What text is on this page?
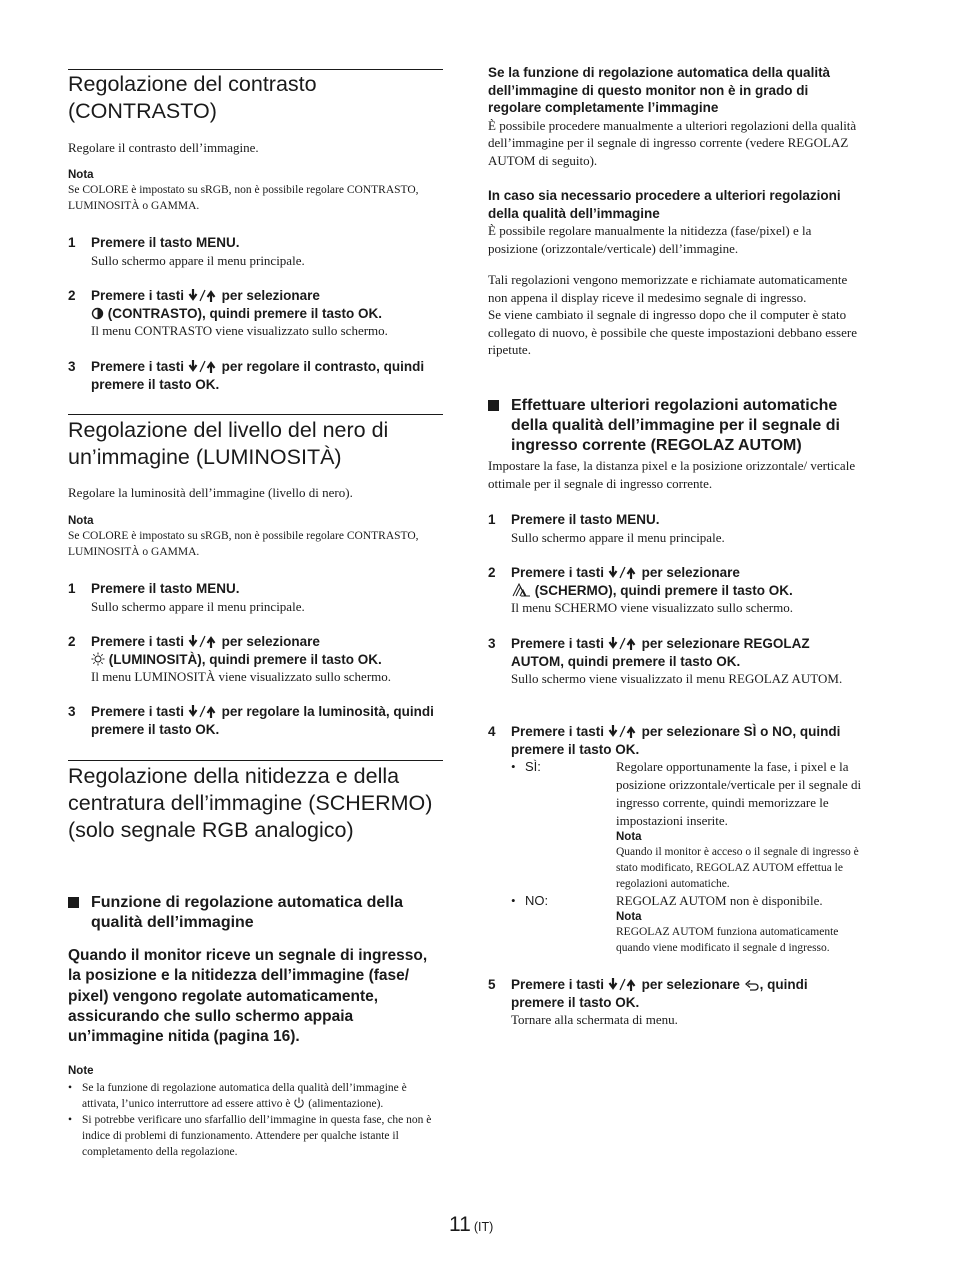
Regolazione del contrasto (CONTRASTO)
Regolare il contrasto dell’immagine.
Nota
Se COLORE è impostato su sRGB, non è possibile regolare CONTRASTO, LUMINOSITÀ o GAMMA.
1 Premere il tasto MENU.
Sullo schermo appare il menu principale.
2 Premere i tasti	per selezionare
(CONTRASTO), quindi premere il tasto OK.
Il menu CONTRASTO viene visualizzato sullo schermo.
3 Premere i tasti	per regolare il contrasto, quindi premere il tasto OK.
Regolazione del livello del nero di un’immagine (LUMINOSITÀ)
Regolare la luminosità dell’immagine (livello di nero).
Nota
Se COLORE è impostato su sRGB, non è possibile regolare CONTRASTO, LUMINOSITÀ o GAMMA.
1 Premere il tasto MENU.
Sullo schermo appare il menu principale.
2 Premere i tasti	per selezionare
(LUMINOSITÀ), quindi premere il tasto OK.
Il menu LUMINOSITÀ viene visualizzato sullo schermo.
3 Premere i tasti	per regolare la luminosità, quindi premere il tasto OK.
Regolazione della nitidezza e della centratura dell’immagine (SCHERMO)
(solo segnale RGB analogico)
Funzione di regolazione automatica della qualità dell’immagine
Quando il monitor riceve un segnale di ingresso, la posizione e la nitidezza dell’immagine (fase/ pixel) vengono regolate automaticamente, assicurando che sullo schermo appaia un’immagine nitida (pagina 16).
Note
• Se la funzione di regolazione automatica della qualità dell’immagine è attivata, l’unico interruttore ad essere attivo è (alimentazione).
• Si potrebbe verificare uno sfarfallio dell’immagine in questa fase, che non è indice di problemi di funzionamento. Attendere per qualche istante il completamento della regolazione.
Se la funzione di regolazione automatica della qualità dell’immagine di questo monitor non è in grado di regolare completamente l’immagine
È possibile procedere manualmente a ulteriori regolazioni della qualità dell’immagine per il segnale di ingresso corrente (vedere REGOLAZ AUTOM di seguito).
In caso sia necessario procedere a ulteriori regolazioni della qualità dell’immagine
È possibile regolare manualmente la nitidezza (fase/pixel) e la posizione (orizzontale/verticale) dell’immagine.
Tali regolazioni vengono memorizzate e richiamate automaticamente non appena il display riceve il medesimo segnale di ingresso.
Se viene cambiato il segnale di ingresso dopo che il computer è stato collegato di nuovo, è possibile che queste impostazioni debbano essere ripetute.
Effettuare ulteriori regolazioni automatiche della qualità dell’immagine per il segnale di ingresso corrente (REGOLAZ AUTOM)
Impostare la fase, la distanza pixel e la posizione orizzontale/ verticale ottimale per il segnale di ingresso corrente.
1 Premere il tasto MENU.
Sullo schermo appare il menu principale.
2 Premere i tasti	per selezionare
(SCHERMO), quindi premere il tasto OK.
Il menu SCHERMO viene visualizzato sullo schermo.
3 Premere i tasti	per selezionare REGOLAZ AUTOM, quindi premere il tasto OK.
Sullo schermo viene visualizzato il menu REGOLAZ AUTOM.
4 Premere i tasti	per selezionare SÌ o NO, quindi premere il tasto OK.
• SÌ:	Regolare opportunamente la fase, i pixel e la posizione orizzontale/verticale per il segnale di ingresso corrente, quindi memorizzare le impostazioni inserite.
Nota
Quando il monitor è acceso o il segnale di ingresso è stato modificato, REGOLAZ AUTOM effettua le regolazioni automatiche.
• NO:	REGOLAZ AUTOM non è disponibile.
Nota
REGOLAZ AUTOM funziona automaticamente quando viene modificato il segnale d ingresso.
5 Premere i tasti	per selezionare , quindi premere il tasto OK.
Tornare alla schermata di menu.
11 (IT)
